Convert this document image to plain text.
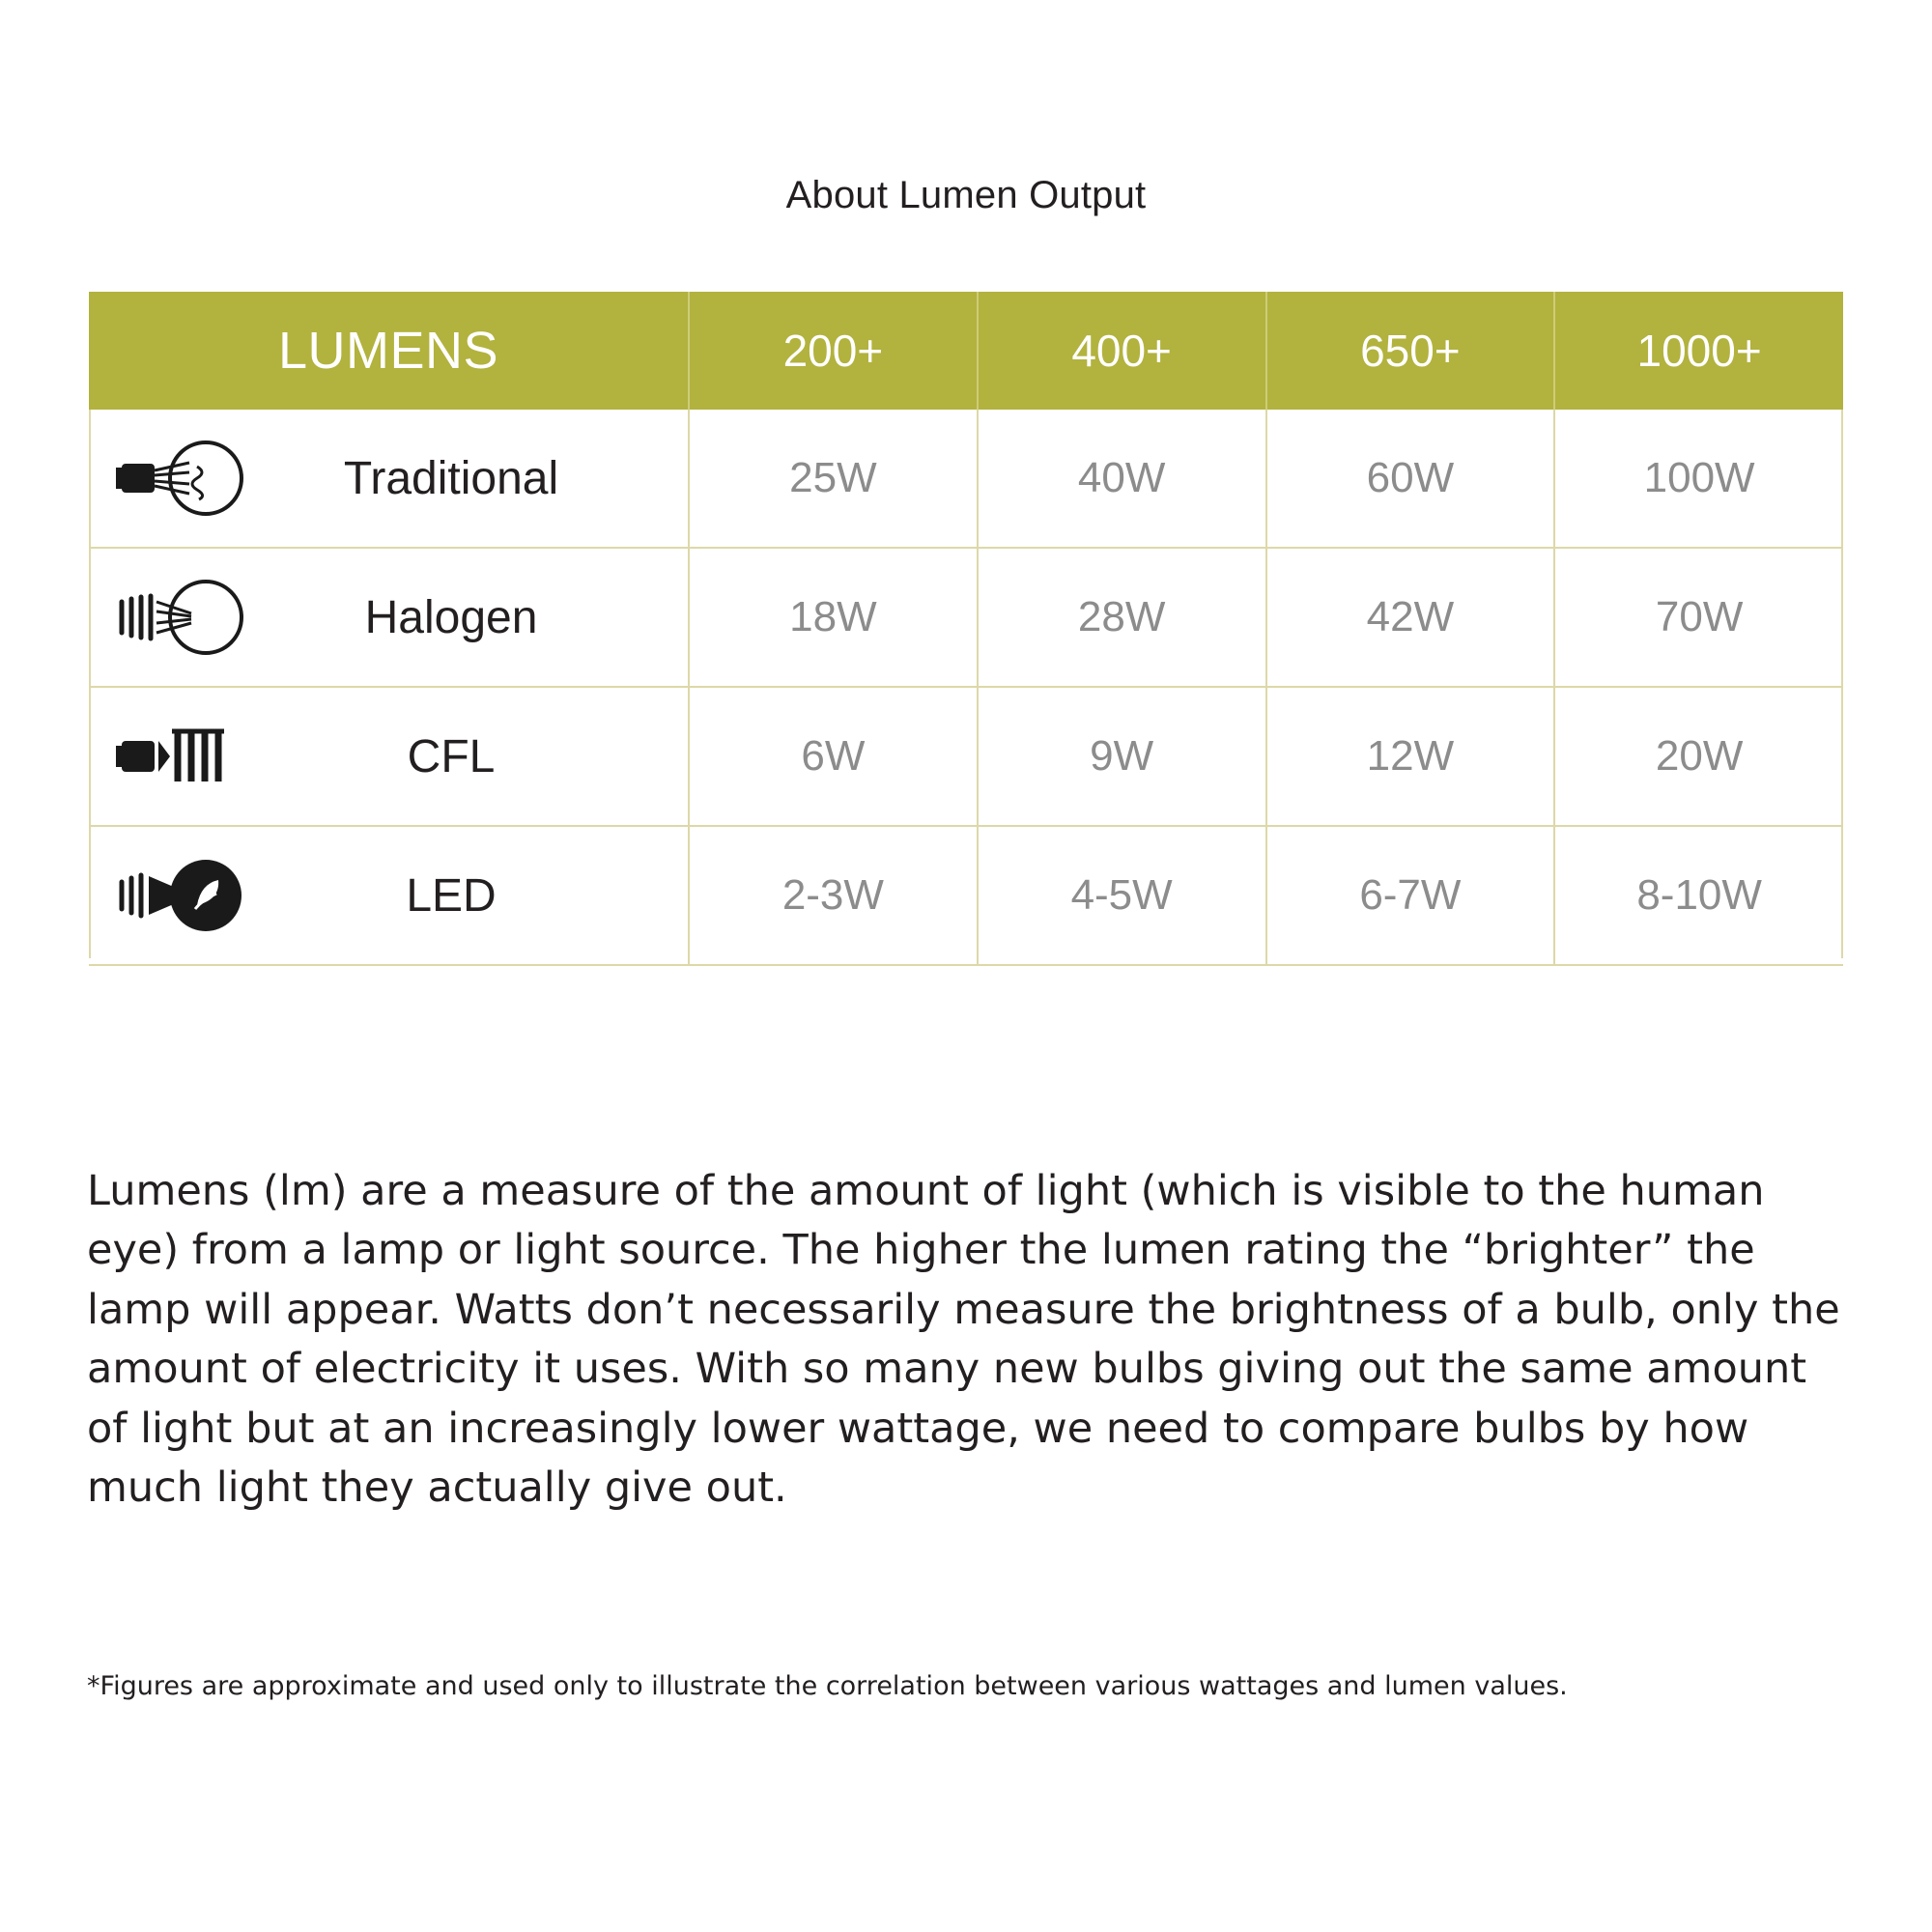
About Lumen Output
LUMENS	200+	400+	650+	1000+

Traditional	25W	40W	60W	100W

Halogen	18W	28W	42W	70W

CFL	6W	9W	12W	20W

LED	2-3W	4-5W	6-7W	8-10W

Lumens (lm) are a measure of the amount of light (which is visible to the human eye) from a lamp or light source. The higher the lumen rating the “brighter” the lamp will appear. Watts don’t necessarily measure the brightness of a bulb, only the amount of electricity it uses. With so many new bulbs giving out the same amount of light but at an increasingly lower wattage, we need to compare bulbs by how much light they actually give out.

*Figures are approximate and used only to illustrate the correlation between various wattages and lumen values.
